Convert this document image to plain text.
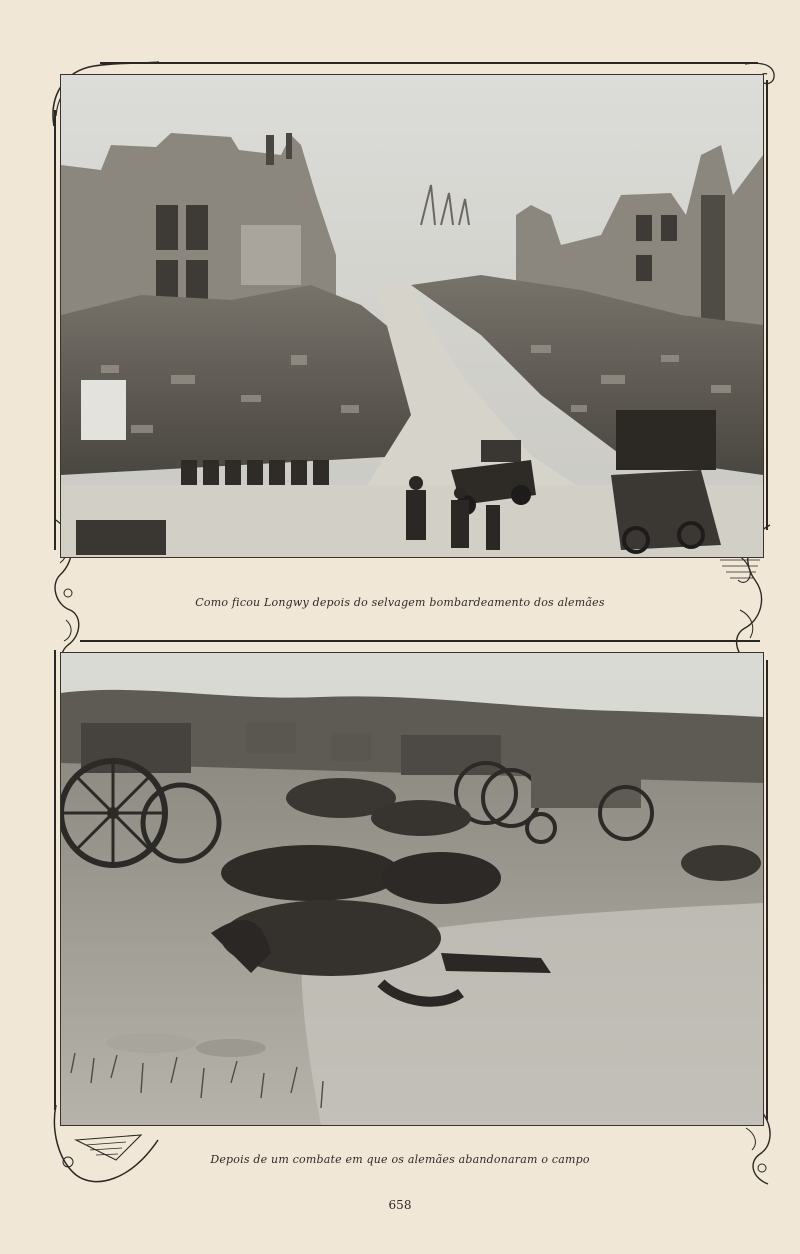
Como ficou Longwy depois do selvagem bombardeamento dos alemães
Depois de um combate em que os alemães abandonaram o campo
658
